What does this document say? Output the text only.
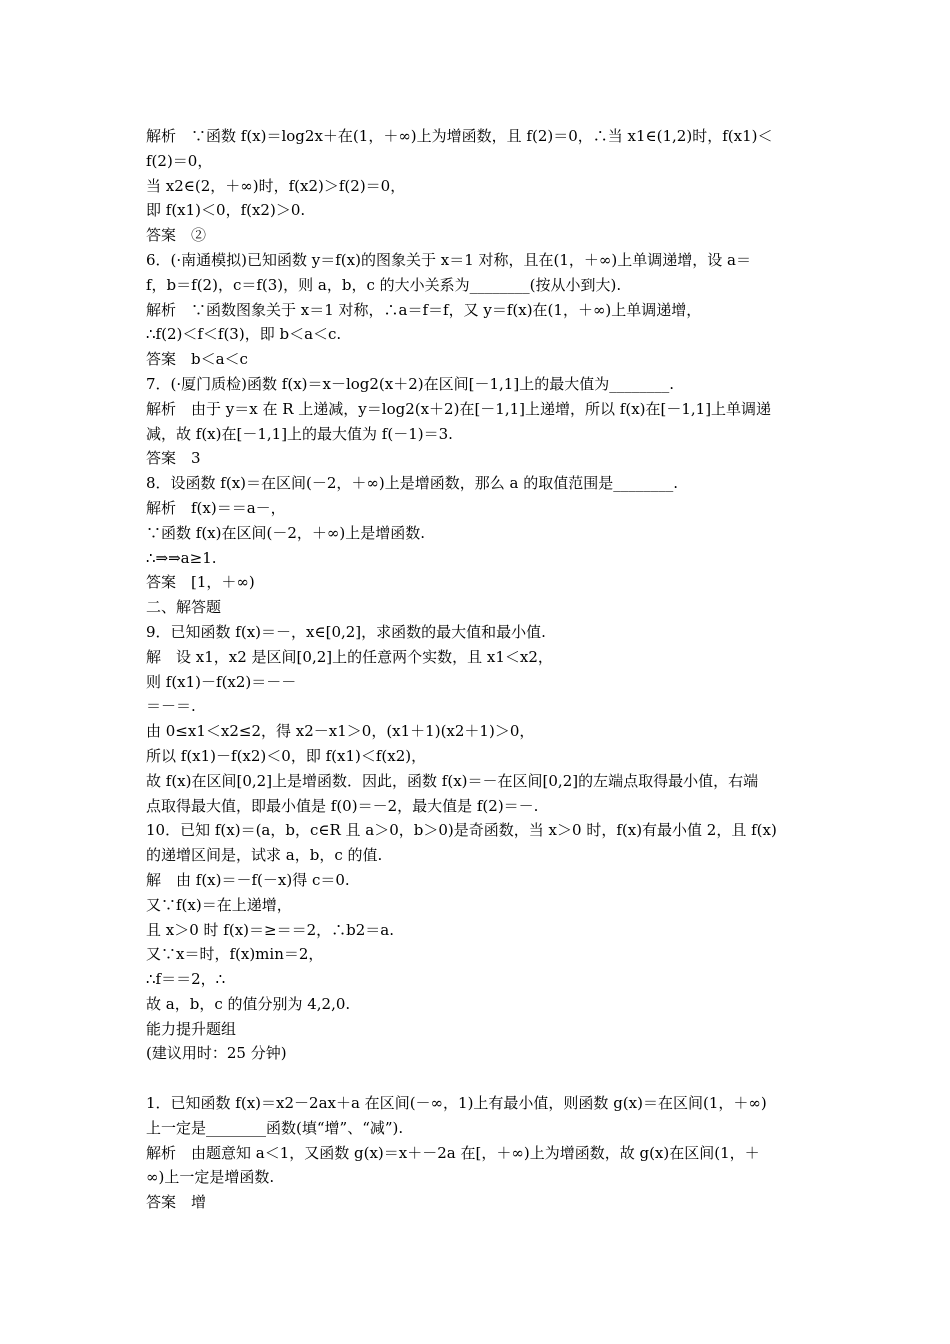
解析　∵函数 f(x)＝log2x＋在(1，＋∞)上为增函数，且 f(2)＝0，∴当 x1∈(1,2)时，f(x1)＜
f(2)＝0，
当 x2∈(2，＋∞)时，f(x2)＞f(2)＝0，
即 f(x1)＜0，f(x2)＞0.
答案　②
6．(·南通模拟)已知函数 y＝f(x)的图象关于 x＝1 对称，且在(1，＋∞)上单调递增，设 a＝
f，b＝f(2)，c＝f(3)，则 a，b，c 的大小关系为________(按从小到大).
解析　∵函数图象关于 x＝1 对称，∴a＝f＝f，又 y＝f(x)在(1，＋∞)上单调递增，
∴f(2)＜f＜f(3)，即 b＜a＜c.
答案　b＜a＜c
7．(·厦门质检)函数 f(x)＝x－log2(x＋2)在区间[－1,1]上的最大值为________.
解析　由于 y＝x 在 R 上递减，y＝log2(x＋2)在[－1,1]上递增，所以 f(x)在[－1,1]上单调递
减，故 f(x)在[－1,1]上的最大值为 f(－1)＝3.
答案　3
8．设函数 f(x)＝在区间(－2，＋∞)上是增函数，那么 a 的取值范围是________.
解析　f(x)＝＝a－，
∵函数 f(x)在区间(－2，＋∞)上是增函数.
∴⇒⇒a≥1.
答案　[1，＋∞)
二、解答题
9．已知函数 f(x)＝－，x∈[0,2]，求函数的最大值和最小值.
解　设 x1，x2 是区间[0,2]上的任意两个实数，且 x1＜x2，
则 f(x1)－f(x2)＝－－
＝－＝.
由 0≤x1＜x2≤2，得 x2－x1＞0，(x1＋1)(x2＋1)＞0，
所以 f(x1)－f(x2)＜0，即 f(x1)＜f(x2)，
故 f(x)在区间[0,2]上是增函数．因此，函数 f(x)＝－在区间[0,2]的左端点取得最小值，右端
点取得最大值，即最小值是 f(0)＝－2，最大值是 f(2)＝－.
10．已知 f(x)＝(a，b，c∈R 且 a＞0，b＞0)是奇函数，当 x＞0 时，f(x)有最小值 2，且 f(x)
的递增区间是，试求 a，b，c 的值.
解　由 f(x)＝－f(－x)得 c＝0.
又∵f(x)＝在上递增，
且 x＞0 时 f(x)＝≥＝＝2，∴b2＝a.
又∵x＝时，f(x)min＝2，
∴f＝＝2，∴
故 a，b，c 的值分别为 4,2,0.
能力提升题组
(建议用时：25 分钟)
1．已知函数 f(x)＝x2－2ax＋a 在区间(－∞，1)上有最小值，则函数 g(x)＝在区间(1，＋∞)
上一定是________函数(填“增”、“减”).
解析　由题意知 a＜1，又函数 g(x)＝x＋－2a 在[，＋∞)上为增函数，故 g(x)在区间(1，＋
∞)上一定是增函数.
答案　增
